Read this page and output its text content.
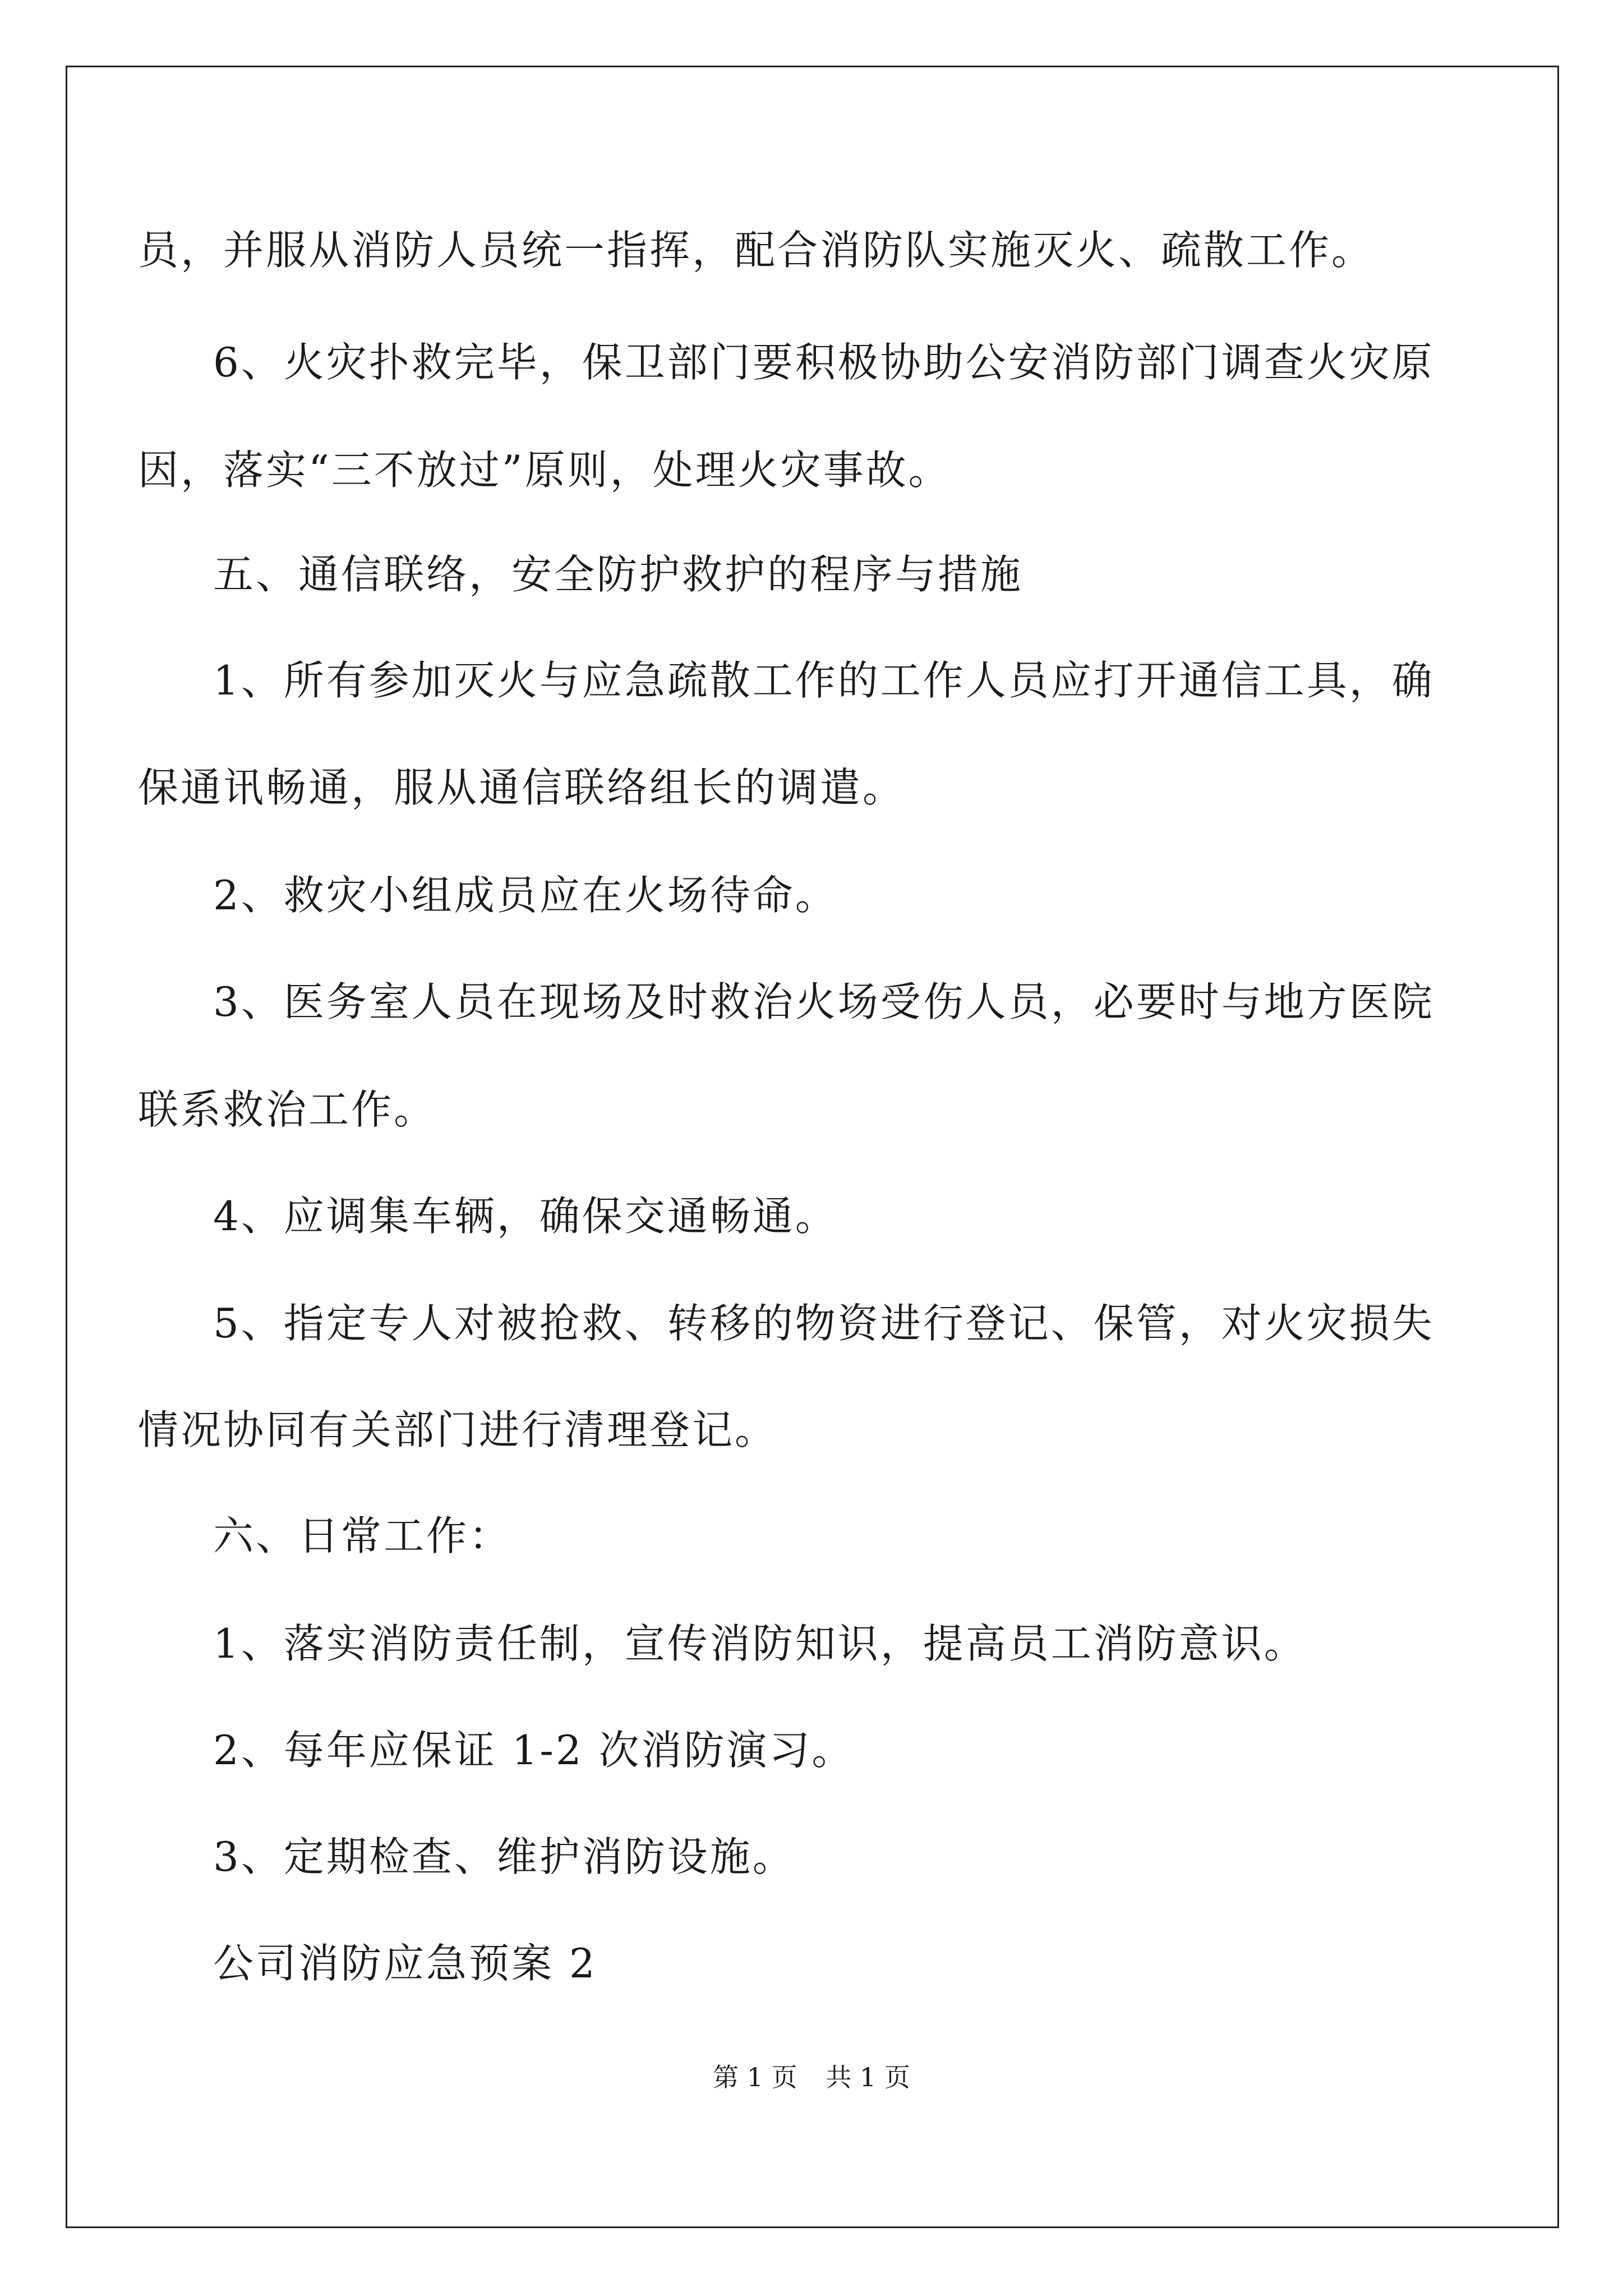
员，并服从消防人员统一指挥，配合消防队实施灭火、疏散工作。
6、火灾扑救完毕，保卫部门要积极协助公安消防部门调查火灾原
因，落实“三不放过”原则，处理火灾事故。
五、通信联络，安全防护救护的程序与措施
1、所有参加灭火与应急疏散工作的工作人员应打开通信工具，确
保通讯畅通，服从通信联络组长的调遣。
2、救灾小组成员应在火场待命。
3、医务室人员在现场及时救治火场受伤人员，必要时与地方医院
联系救治工作。
4、应调集车辆，确保交通畅通。
5、指定专人对被抢救、转移的物资进行登记、保管，对火灾损失
情况协同有关部门进行清理登记。
六、日常工作：
1、落实消防责任制，宣传消防知识，提高员工消防意识。
2、每年应保证 1-2 次消防演习。
3、定期检查、维护消防设施。
公司消防应急预案 2
第 1 页 共 1 页
